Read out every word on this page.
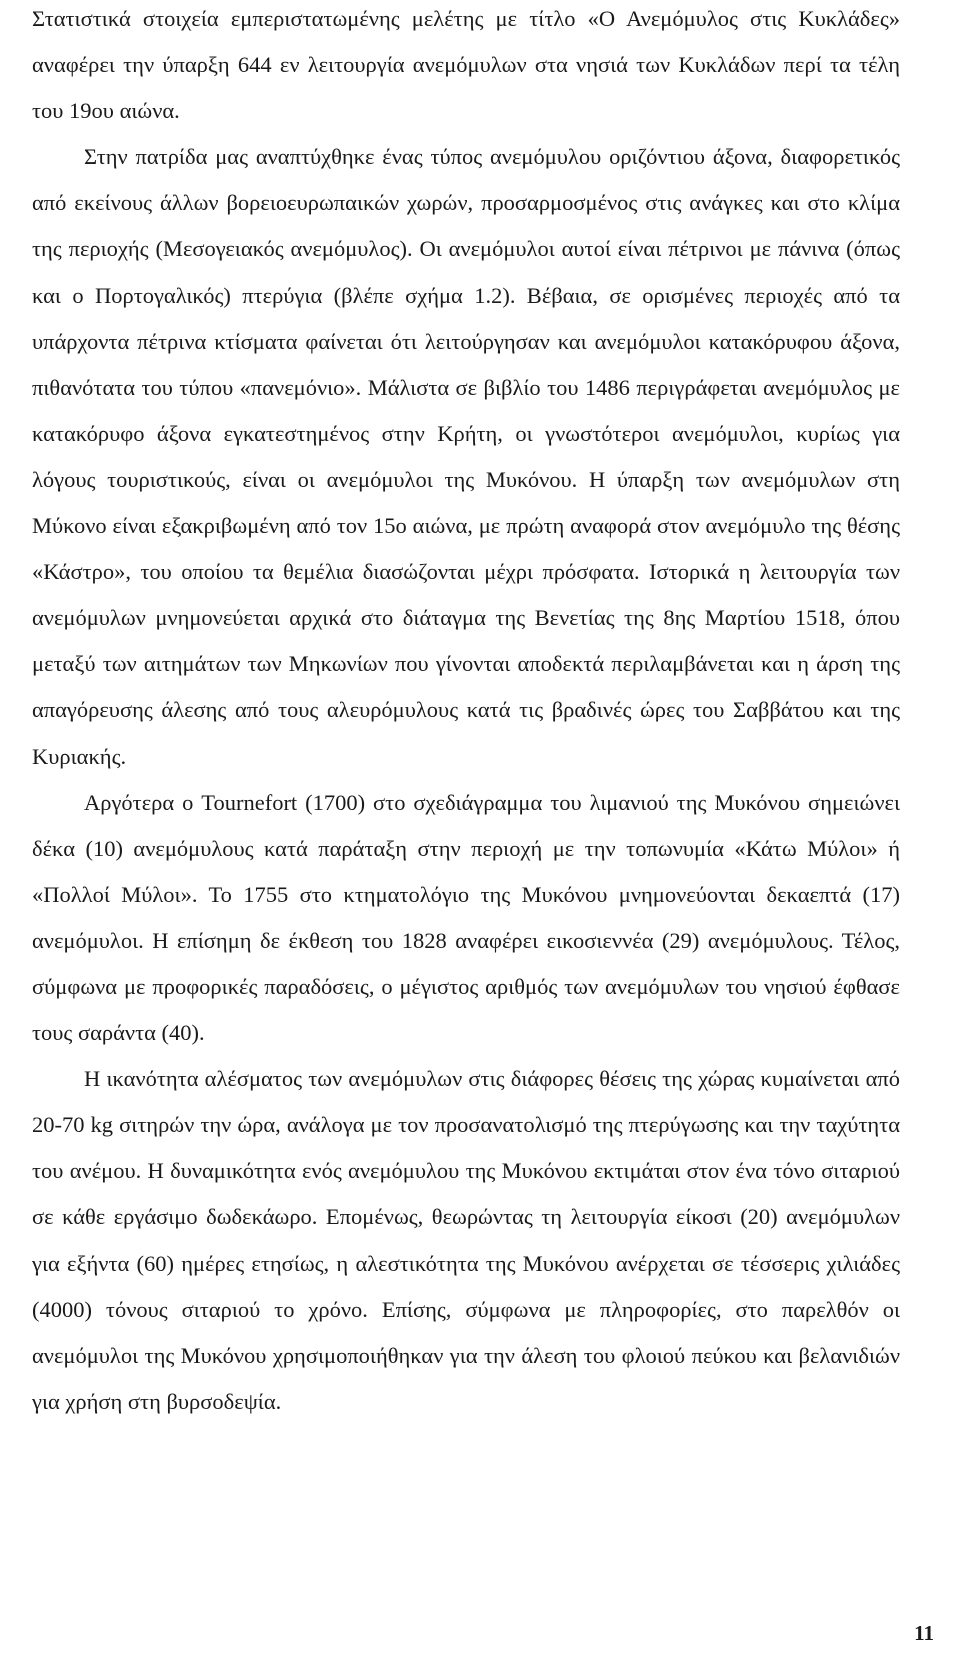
Στατιστικά στοιχεία εμπεριστατωμένης μελέτης με τίτλο «Ο Ανεμόμυλος στις Κυκλάδες» αναφέρει την ύπαρξη 644 εν λειτουργία ανεμόμυλων στα νησιά των Κυκλάδων περί τα τέλη του 19ου αιώνα.

Στην πατρίδα μας αναπτύχθηκε ένας τύπος ανεμόμυλου οριζόντιου άξονα, διαφορετικός από εκείνους άλλων βορειοευρωπαικών χωρών, προσαρμοσμένος στις ανάγκες και στο κλίμα της περιοχής (Μεσογειακός ανεμόμυλος). Οι ανεμόμυλοι αυτοί είναι πέτρινοι με πάνινα (όπως και ο Πορτογαλικός) πτερύγια (βλέπε σχήμα 1.2). Βέβαια, σε ορισμένες περιοχές από τα υπάρχοντα πέτρινα κτίσματα φαίνεται ότι λειτούργησαν και ανεμόμυλοι κατακόρυφου άξονα, πιθανότατα του τύπου «πανεμόνιο». Μάλιστα σε βιβλίο του 1486 περιγράφεται ανεμόμυλος με κατακόρυφο άξονα εγκατεστημένος στην Κρήτη, οι γνωστότεροι ανεμόμυλοι, κυρίως για λόγους τουριστικούς, είναι οι ανεμόμυλοι της Μυκόνου. Η ύπαρξη των ανεμόμυλων στη Μύκονο είναι εξακριβωμένη από τον 15ο αιώνα, με πρώτη αναφορά στον ανεμόμυλο της θέσης «Κάστρο», του οποίου τα θεμέλια διασώζονται μέχρι πρόσφατα. Ιστορικά η λειτουργία των ανεμόμυλων μνημονεύεται αρχικά στο διάταγμα της Βενετίας της 8ης Μαρτίου 1518, όπου μεταξύ των αιτημάτων των Μηκωνίων που γίνονται αποδεκτά περιλαμβάνεται και η άρση της απαγόρευσης άλεσης από τους αλευρόμυλους κατά τις βραδινές ώρες του Σαββάτου και της Κυριακής.

Αργότερα ο Tournefort (1700) στο σχεδιάγραμμα του λιμανιού της Μυκόνου σημειώνει δέκα (10) ανεμόμυλους κατά παράταξη στην περιοχή με την τοπωνυμία «Κάτω Μύλοι» ή «Πολλοί Μύλοι». Το 1755 στο κτηματολόγιο της Μυκόνου μνημονεύονται δεκαεπτά (17) ανεμόμυλοι. Η επίσημη δε έκθεση του 1828 αναφέρει εικοσιεννέα (29) ανεμόμυλους. Τέλος, σύμφωνα με προφορικές παραδόσεις, ο μέγιστος αριθμός των ανεμόμυλων του νησιού έφθασε τους σαράντα (40).

Η ικανότητα αλέσματος των ανεμόμυλων στις διάφορες θέσεις της χώρας κυμαίνεται από 20-70 kg σιτηρών την ώρα, ανάλογα με τον προσανατολισμό της πτερύγωσης και την ταχύτητα του ανέμου. Η δυναμικότητα ενός ανεμόμυλου της Μυκόνου εκτιμάται στον ένα τόνο σιταριού σε κάθε εργάσιμο δωδεκάωρο. Επομένως, θεωρώντας τη λειτουργία είκοσι (20) ανεμόμυλων για εξήντα (60) ημέρες ετησίως, η αλεστικότητα της Μυκόνου ανέρχεται σε τέσσερις χιλιάδες (4000) τόνους σιταριού το χρόνο. Επίσης, σύμφωνα με πληροφορίες, στο παρελθόν οι ανεμόμυλοι της Μυκόνου χρησιμοποιήθηκαν για την άλεση του φλοιού πεύκου και βελανιδιών για χρήση στη βυρσοδεψία.

11
